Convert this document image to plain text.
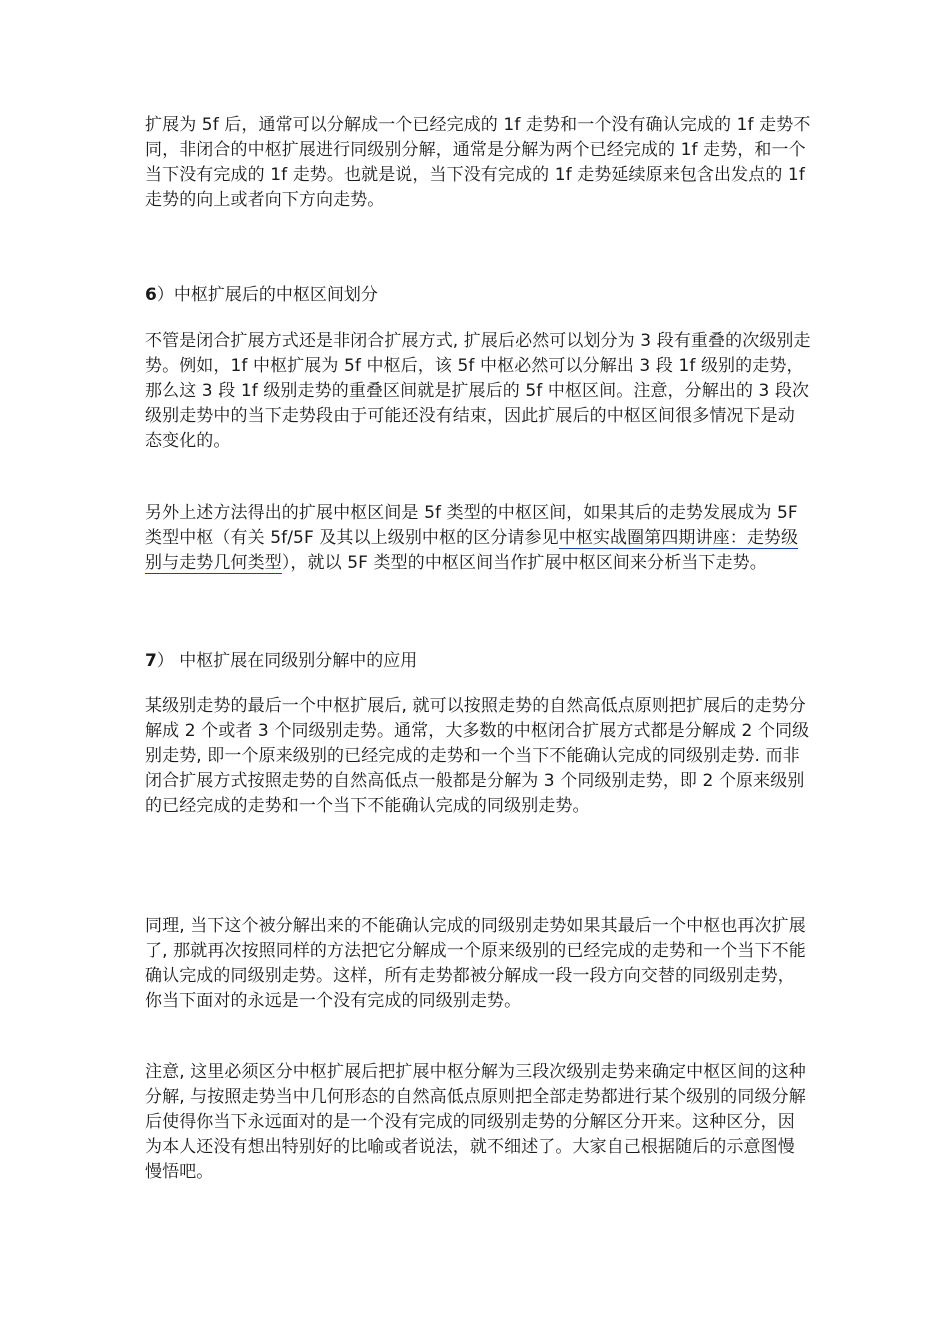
扩展为 5f 后，通常可以分解成一个已经完成的 1f 走势和一个没有确认完成的 1f 走势不同，非闭合的中枢扩展进行同级别分解，通常是分解为两个已经完成的 1f 走势，和一个当下没有完成的 1f 走势。也就是说，当下没有完成的 1f 走势延续原来包含出发点的 1f 走势的向上或者向下方向走势。

6）中枢扩展后的中枢区间划分

不管是闭合扩展方式还是非闭合扩展方式, 扩展后必然可以划分为 3 段有重叠的次级别走势。例如，1f 中枢扩展为 5f 中枢后，该 5f 中枢必然可以分解出 3 段 1f 级别的走势，那么这 3 段 1f 级别走势的重叠区间就是扩展后的 5f 中枢区间。注意，分解出的 3 段次级别走势中的当下走势段由于可能还没有结束，因此扩展后的中枢区间很多情况下是动态变化的。

另外上述方法得出的扩展中枢区间是 5f 类型的中枢区间，如果其后的走势发展成为 5F 类型中枢（有关 5f/5F 及其以上级别中枢的区分请参见中枢实战圈第四期讲座：走势级别与走势几何类型），就以 5F 类型的中枢区间当作扩展中枢区间来分析当下走势。

7） 中枢扩展在同级别分解中的应用

某级别走势的最后一个中枢扩展后, 就可以按照走势的自然高低点原则把扩展后的走势分解成 2 个或者 3 个同级别走势。通常，大多数的中枢闭合扩展方式都是分解成 2 个同级别走势, 即一个原来级别的已经完成的走势和一个当下不能确认完成的同级别走势. 而非闭合扩展方式按照走势的自然高低点一般都是分解为 3 个同级别走势，即 2 个原来级别的已经完成的走势和一个当下不能确认完成的同级别走势。

同理, 当下这个被分解出来的不能确认完成的同级别走势如果其最后一个中枢也再次扩展了, 那就再次按照同样的方法把它分解成一个原来级别的已经完成的走势和一个当下不能确认完成的同级别走势。这样，所有走势都被分解成一段一段方向交替的同级别走势，你当下面对的永远是一个没有完成的同级别走势。

注意, 这里必须区分中枢扩展后把扩展中枢分解为三段次级别走势来确定中枢区间的这种分解, 与按照走势当中几何形态的自然高低点原则把全部走势都进行某个级别的同级分解后使得你当下永远面对的是一个没有完成的同级别走势的分解区分开来。这种区分，因为本人还没有想出特别好的比喻或者说法，就不细述了。大家自己根据随后的示意图慢慢悟吧。
